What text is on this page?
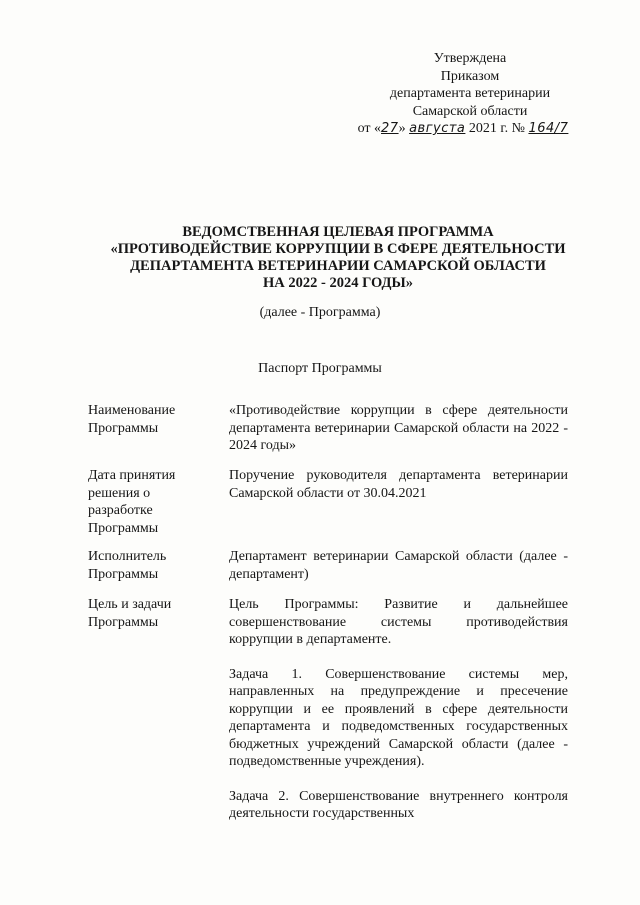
Утверждена
Приказом
департамента ветеринарии
Самарской области
от «27» августа 2021 г. № 164/7
ВЕДОМСТВЕННАЯ ЦЕЛЕВАЯ ПРОГРАММА
«ПРОТИВОДЕЙСТВИЕ КОРРУПЦИИ В СФЕРЕ ДЕЯТЕЛЬНОСТИ
ДЕПАРТАМЕНТА ВЕТЕРИНАРИИ САМАРСКОЙ ОБЛАСТИ
НА 2022 - 2024 ГОДЫ»
(далее - Программа)
Паспорт Программы
Наименование Программы
«Противодействие коррупции в сфере деятельности департамента ветеринарии Самарской области на 2022 - 2024 годы»
Дата принятия решения о разработке Программы
Поручение руководителя департамента ветеринарии Самарской области от 30.04.2021
Исполнитель Программы
Департамент ветеринарии Самарской области (далее - департамент)
Цель и задачи Программы

Цель Программы: Развитие и дальнейшее совершенствование системы противодействия коррупции в департаменте.

Задача 1. Совершенствование системы мер, направленных на предупреждение и пресечение коррупции и ее проявлений в сфере деятельности департамента и подведомственных государственных бюджетных учреждений Самарской области (далее - подведомственные учреждения).

Задача 2. Совершенствование внутреннего контроля деятельности государственных
